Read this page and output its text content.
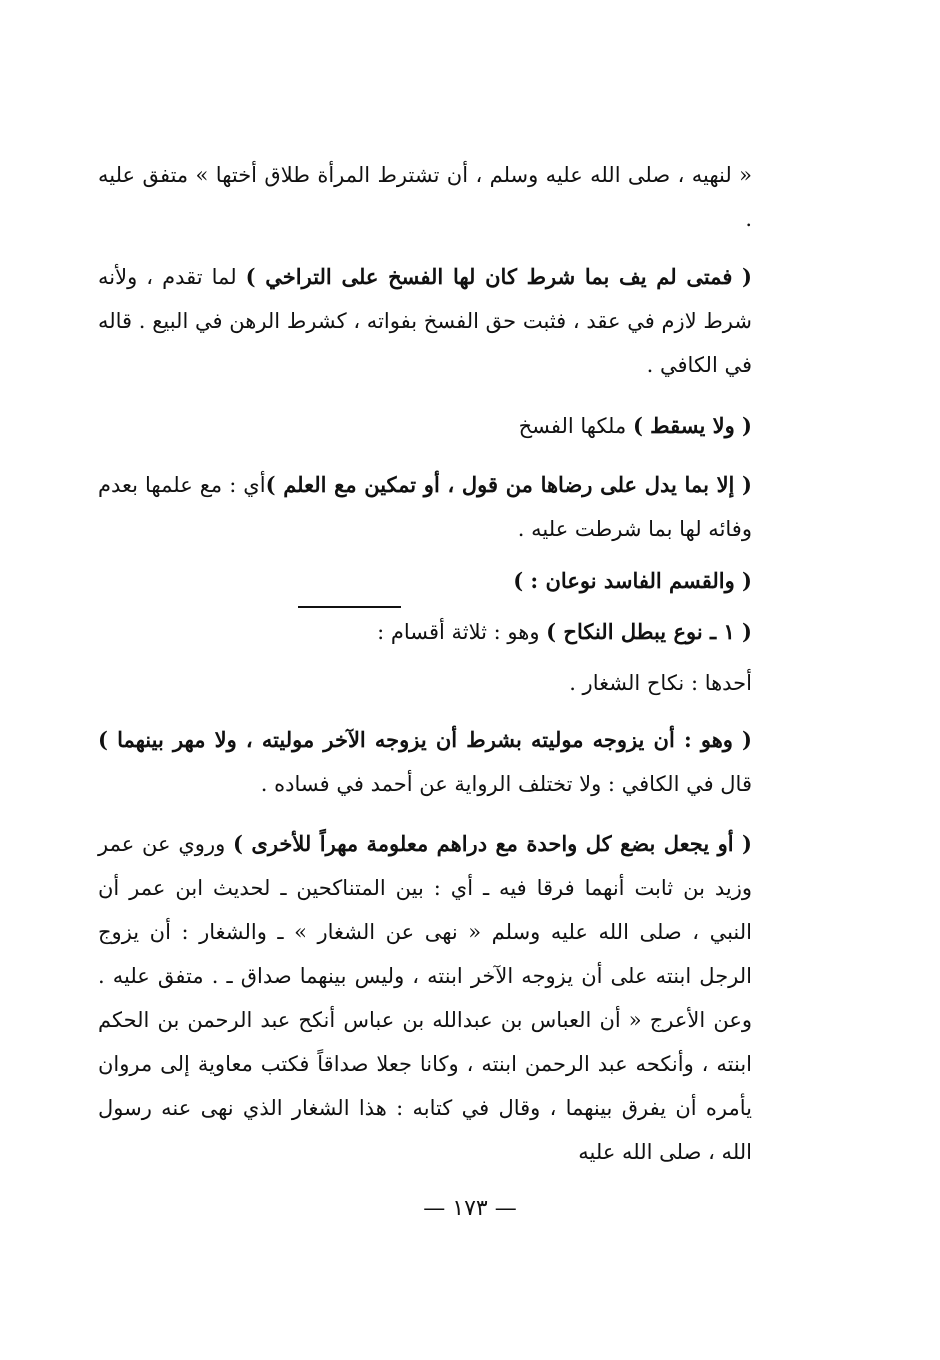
« لنهيه ، صلى الله عليه وسلم ، أن تشترط المرأة طلاق أختها » متفق عليه .
( فمتى لم يف بما شرط كان لها الفسخ على التراخي ) لما تقدم ، ولأنه شرط لازم في عقد ، فثبت حق الفسخ بفواته ، كشرط الرهن في البيع . قاله في الكافي .
( ولا يسقط ) ملكها الفسخ
( إلا بما يدل على رضاها من قول ، أو تمكين مع العلم )أي : مع علمها بعدم وفائه لها بما شرطت عليه .
( والقسم الفاسد نوعان : )
( ١ ـ نوع يبطل النكاح ) وهو : ثلاثة أقسام :
أحدها : نكاح الشغار .
( وهو : أن يزوجه موليته بشرط أن يزوجه الآخر موليته ، ولا مهر بينهما ) قال في الكافي : ولا تختلف الرواية عن أحمد في فساده .
( أو يجعل بضع كل واحدة مع دراهم معلومة مهراً للأخرى ) وروي عن عمر وزيد بن ثابت أنهما فرقا فيه ـ أي : بين المتناكحين ـ لحديث ابن عمر أن النبي ، صلى الله عليه وسلم « نهى عن الشغار » ـ والشغار : أن يزوج الرجل ابنته على أن يزوجه الآخر ابنته ، وليس بينهما صداق ـ . متفق عليه . وعن الأعرج « أن العباس بن عبدالله بن عباس أنكح عبد الرحمن بن الحكم ابنته ، وأنكحه عبد الرحمن ابنته ، وكانا جعلا صداقاً فكتب معاوية إلى مروان يأمره أن يفرق بينهما ، وقال في كتابه : هذا الشغار الذي نهى عنه رسول الله ، صلى الله عليه
— ١٧٣ —
